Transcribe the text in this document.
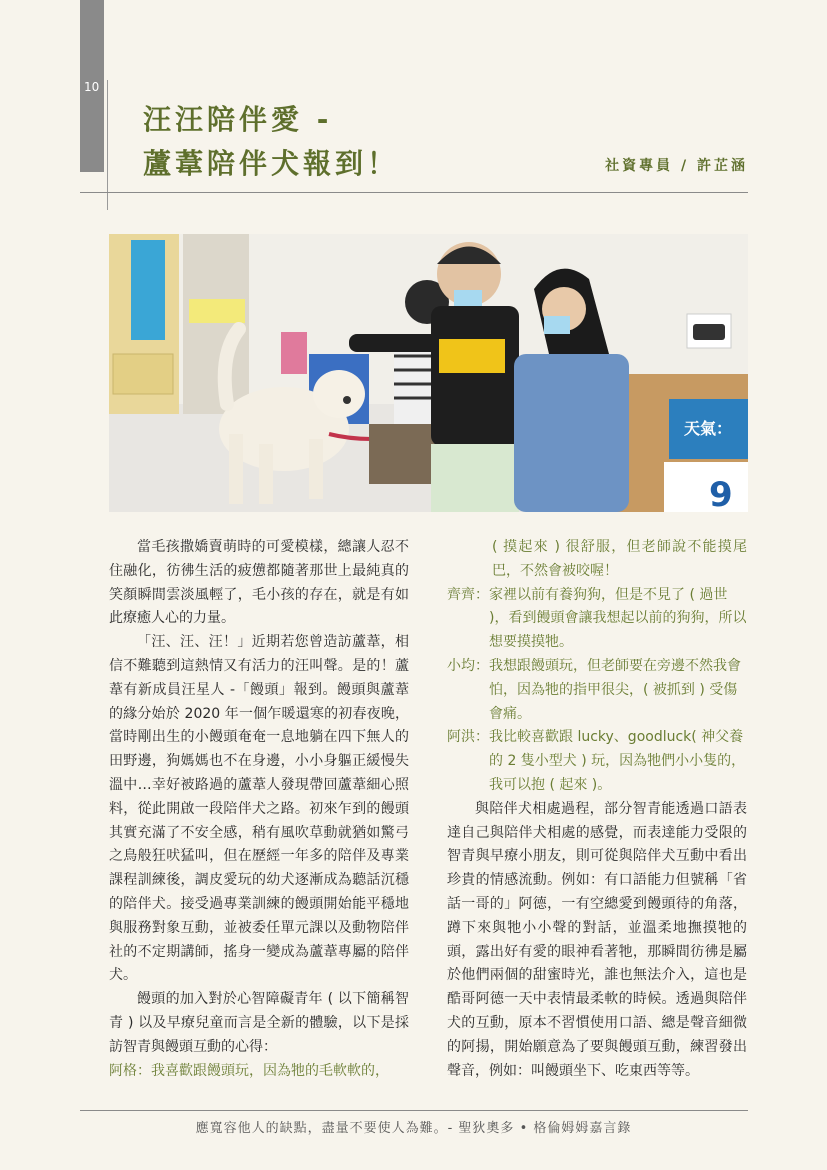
10
汪汪陪伴愛 -
蘆葦陪伴犬報到！	社資專員 / 許芷涵
天氣：
9

當毛孩撒嬌賣萌時的可愛模樣，總讓人忍不住融化，彷彿生活的疲憊都隨著那世上最純真的笑顏瞬間雲淡風輕了，毛小孩的存在，就是有如此療癒人心的力量。

「汪、汪、汪！」近期若您曾造訪蘆葦，相信不難聽到這熱情又有活力的汪叫聲。是的！蘆葦有新成員汪星人 -「饅頭」報到。饅頭與蘆葦的緣分始於 2020 年一個乍暖還寒的初春夜晚，當時剛出生的小饅頭奄奄一息地躺在四下無人的田野邊，狗媽媽也不在身邊，小小身軀正緩慢失溫中…幸好被路過的蘆葦人發現帶回蘆葦細心照料，從此開啟一段陪伴犬之路。初來乍到的饅頭其實充滿了不安全感，稍有風吹草動就猶如驚弓之鳥般狂吠猛叫，但在歷經一年多的陪伴及專業課程訓練後，調皮愛玩的幼犬逐漸成為聽話沉穩的陪伴犬。接受過專業訓練的饅頭開始能平穩地與服務對象互動，並被委任單元課以及動物陪伴社的不定期講師，搖身一變成為蘆葦專屬的陪伴犬。

饅頭的加入對於心智障礙青年 ( 以下簡稱智青 ) 以及早療兒童而言是全新的體驗，以下是採訪智青與饅頭互動的心得：

阿格： 我喜歡跟饅頭玩，因為牠的毛軟軟的，

( 摸起來 ) 很舒服，但老師說不能摸尾巴，不然會被咬喔！

齊齊： 家裡以前有養狗狗，但是不見了 ( 過世 )，看到饅頭會讓我想起以前的狗狗，所以想要摸摸牠。
小均： 我想跟饅頭玩，但老師要在旁邊不然我會怕，因為牠的指甲很尖，( 被抓到 ) 受傷會痛。
阿洪： 我比較喜歡跟 lucky、goodluck( 神父養的 2 隻小型犬 ) 玩，因為牠們小小隻的，我可以抱 ( 起來 )。

與陪伴犬相處過程，部分智青能透過口語表達自己與陪伴犬相處的感覺，而表達能力受限的智青與早療小朋友，則可從與陪伴犬互動中看出珍貴的情感流動。例如：有口語能力但號稱「省話一哥的」阿德，一有空總愛到饅頭待的角落，蹲下來與牠小小聲的對話，並溫柔地撫摸牠的頭，露出好有愛的眼神看著牠，那瞬間彷彿是屬於他們兩個的甜蜜時光，誰也無法介入，這也是酷哥阿德一天中表情最柔軟的時候。透過與陪伴犬的互動，原本不習慣使用口語、總是聲音細微的阿揚，開始願意為了要與饅頭互動，練習發出聲音，例如：叫饅頭坐下、吃東西等等。

應寬容他人的缺點，盡量不要使人為難。- 聖狄奧多 • 格倫姆姆嘉言錄
